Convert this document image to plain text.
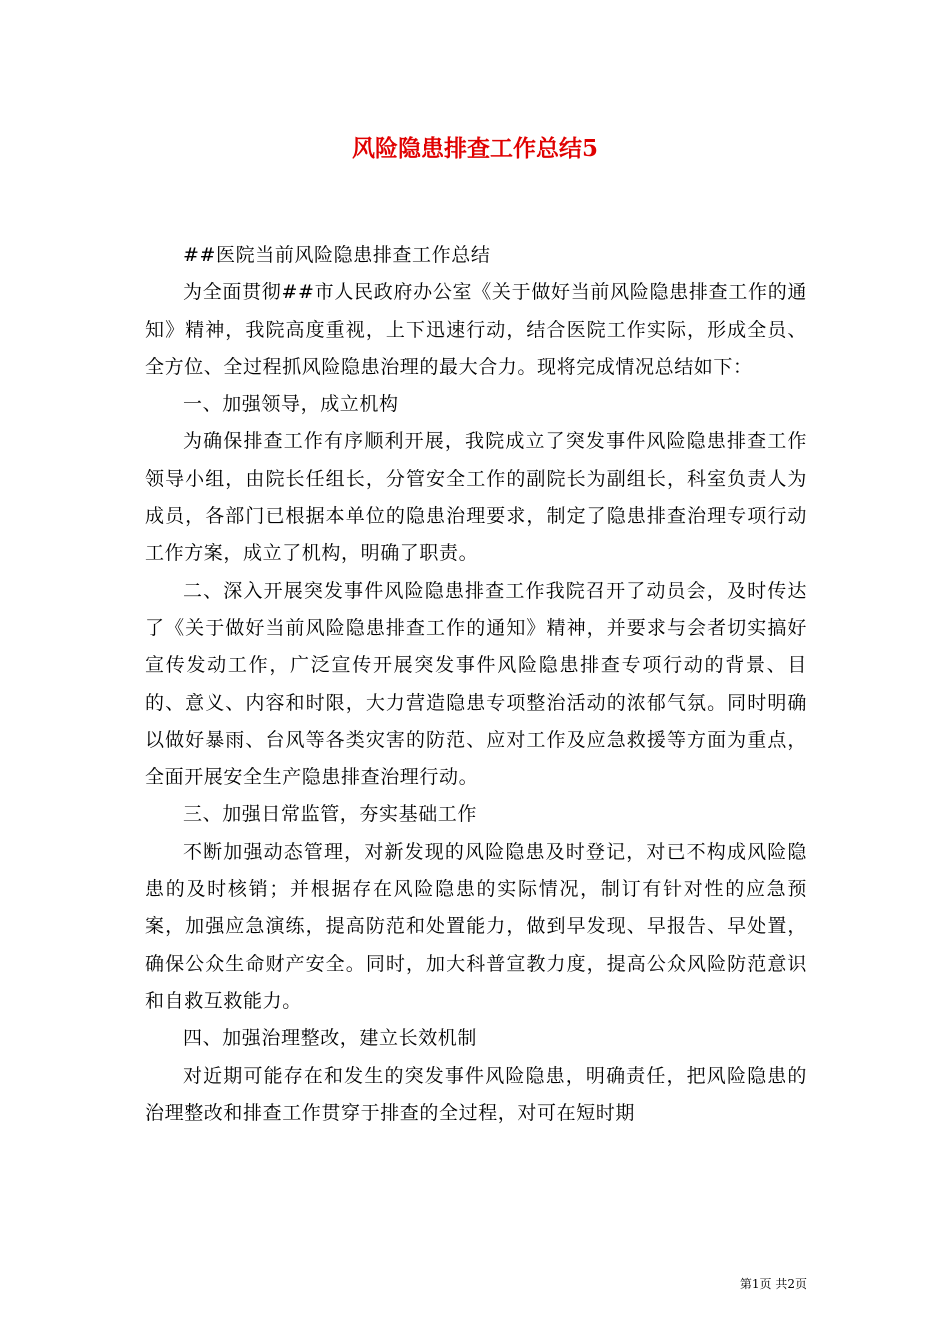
风险隐患排查工作总结5

##医院当前风险隐患排查工作总结

为全面贯彻##市人民政府办公室《关于做好当前风险隐患排查工作的通知》精神，我院高度重视，上下迅速行动，结合医院工作实际，形成全员、全方位、全过程抓风险隐患治理的最大合力。现将完成情况总结如下：

一、加强领导，成立机构

为确保排查工作有序顺利开展，我院成立了突发事件风险隐患排查工作领导小组，由院长任组长，分管安全工作的副院长为副组长，科室负责人为成员，各部门已根据本单位的隐患治理要求，制定了隐患排查治理专项行动工作方案，成立了机构，明确了职责。

二、深入开展突发事件风险隐患排查工作我院召开了动员会，及时传达了《关于做好当前风险隐患排查工作的通知》精神，并要求与会者切实搞好宣传发动工作，广泛宣传开展突发事件风险隐患排查专项行动的背景、目的、意义、内容和时限，大力营造隐患专项整治活动的浓郁气氛。同时明确以做好暴雨、台风等各类灾害的防范、应对工作及应急救援等方面为重点，全面开展安全生产隐患排查治理行动。

三、加强日常监管，夯实基础工作

不断加强动态管理，对新发现的风险隐患及时登记，对已不构成风险隐患的及时核销；并根据存在风险隐患的实际情况，制订有针对性的应急预案，加强应急演练，提高防范和处置能力，做到早发现、早报告、早处置，确保公众生命财产安全。同时，加大科普宣教力度，提高公众风险防范意识和自救互救能力。

四、加强治理整改，建立长效机制

对近期可能存在和发生的突发事件风险隐患，明确责任，把风险隐患的治理整改和排查工作贯穿于排查的全过程，对可在短时期

第1页 共2页
